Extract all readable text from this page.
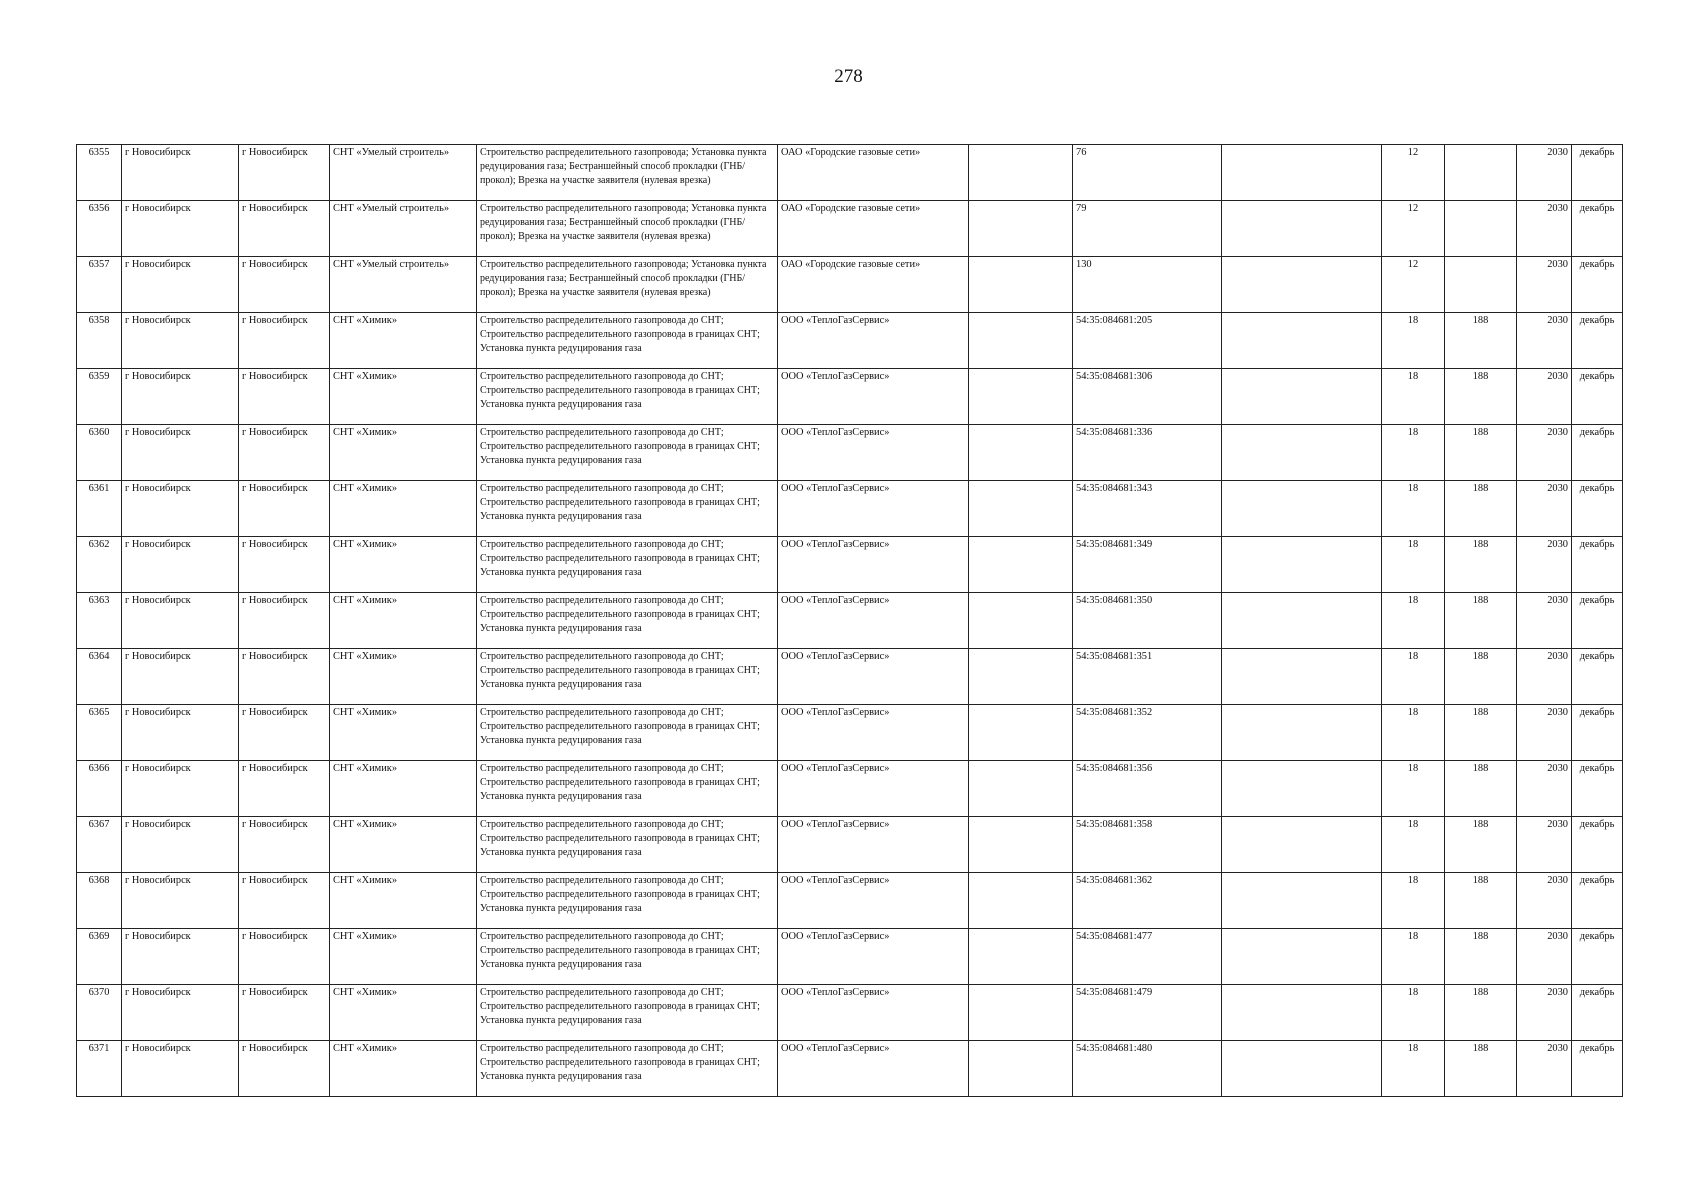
278
6355	г Новосибирск	г Новосибирск	СНТ «Умелый строитель»	Строительство распределительного газопровода; Установка пункта редуцирования газа; Бестраншейный способ прокладки (ГНБ/прокол); Врезка на участке заявителя (нулевая врезка)	ОАО «Городские газовые сети»		76		12		2030	декабрь
6356	г Новосибирск	г Новосибирск	СНТ «Умелый строитель»	Строительство распределительного газопровода; Установка пункта редуцирования газа; Бестраншейный способ прокладки (ГНБ/прокол); Врезка на участке заявителя (нулевая врезка)	ОАО «Городские газовые сети»		79		12		2030	декабрь
6357	г Новосибирск	г Новосибирск	СНТ «Умелый строитель»	Строительство распределительного газопровода; Установка пункта редуцирования газа; Бестраншейный способ прокладки (ГНБ/прокол); Врезка на участке заявителя (нулевая врезка)	ОАО «Городские газовые сети»		130		12		2030	декабрь
6358	г Новосибирск	г Новосибирск	СНТ «Химик»	Строительство распределительного газопровода до СНТ; Строительство распределительного газопровода в границах СНТ; Установка пункта редуцирования газа	ООО «ТеплоГазСервис»		54:35:084681:205		18	188	2030	декабрь
6359	г Новосибирск	г Новосибирск	СНТ «Химик»	Строительство распределительного газопровода до СНТ; Строительство распределительного газопровода в границах СНТ; Установка пункта редуцирования газа	ООО «ТеплоГазСервис»		54:35:084681:306		18	188	2030	декабрь
6360	г Новосибирск	г Новосибирск	СНТ «Химик»	Строительство распределительного газопровода до СНТ; Строительство распределительного газопровода в границах СНТ; Установка пункта редуцирования газа	ООО «ТеплоГазСервис»		54:35:084681:336		18	188	2030	декабрь
6361	г Новосибирск	г Новосибирск	СНТ «Химик»	Строительство распределительного газопровода до СНТ; Строительство распределительного газопровода в границах СНТ; Установка пункта редуцирования газа	ООО «ТеплоГазСервис»		54:35:084681:343		18	188	2030	декабрь
6362	г Новосибирск	г Новосибирск	СНТ «Химик»	Строительство распределительного газопровода до СНТ; Строительство распределительного газопровода в границах СНТ; Установка пункта редуцирования газа	ООО «ТеплоГазСервис»		54:35:084681:349		18	188	2030	декабрь
6363	г Новосибирск	г Новосибирск	СНТ «Химик»	Строительство распределительного газопровода до СНТ; Строительство распределительного газопровода в границах СНТ; Установка пункта редуцирования газа	ООО «ТеплоГазСервис»		54:35:084681:350		18	188	2030	декабрь
6364	г Новосибирск	г Новосибирск	СНТ «Химик»	Строительство распределительного газопровода до СНТ; Строительство распределительного газопровода в границах СНТ; Установка пункта редуцирования газа	ООО «ТеплоГазСервис»		54:35:084681:351		18	188	2030	декабрь
6365	г Новосибирск	г Новосибирск	СНТ «Химик»	Строительство распределительного газопровода до СНТ; Строительство распределительного газопровода в границах СНТ; Установка пункта редуцирования газа	ООО «ТеплоГазСервис»		54:35:084681:352		18	188	2030	декабрь
6366	г Новосибирск	г Новосибирск	СНТ «Химик»	Строительство распределительного газопровода до СНТ; Строительство распределительного газопровода в границах СНТ; Установка пункта редуцирования газа	ООО «ТеплоГазСервис»		54:35:084681:356		18	188	2030	декабрь
6367	г Новосибирск	г Новосибирск	СНТ «Химик»	Строительство распределительного газопровода до СНТ; Строительство распределительного газопровода в границах СНТ; Установка пункта редуцирования газа	ООО «ТеплоГазСервис»		54:35:084681:358		18	188	2030	декабрь
6368	г Новосибирск	г Новосибирск	СНТ «Химик»	Строительство распределительного газопровода до СНТ; Строительство распределительного газопровода в границах СНТ; Установка пункта редуцирования газа	ООО «ТеплоГазСервис»		54:35:084681:362		18	188	2030	декабрь
6369	г Новосибирск	г Новосибирск	СНТ «Химик»	Строительство распределительного газопровода до СНТ; Строительство распределительного газопровода в границах СНТ; Установка пункта редуцирования газа	ООО «ТеплоГазСервис»		54:35:084681:477		18	188	2030	декабрь
6370	г Новосибирск	г Новосибирск	СНТ «Химик»	Строительство распределительного газопровода до СНТ; Строительство распределительного газопровода в границах СНТ; Установка пункта редуцирования газа	ООО «ТеплоГазСервис»		54:35:084681:479		18	188	2030	декабрь
6371	г Новосибирск	г Новосибирск	СНТ «Химик»	Строительство распределительного газопровода до СНТ; Строительство распределительного газопровода в границах СНТ; Установка пункта редуцирования газа	ООО «ТеплоГазСервис»		54:35:084681:480		18	188	2030	декабрь
